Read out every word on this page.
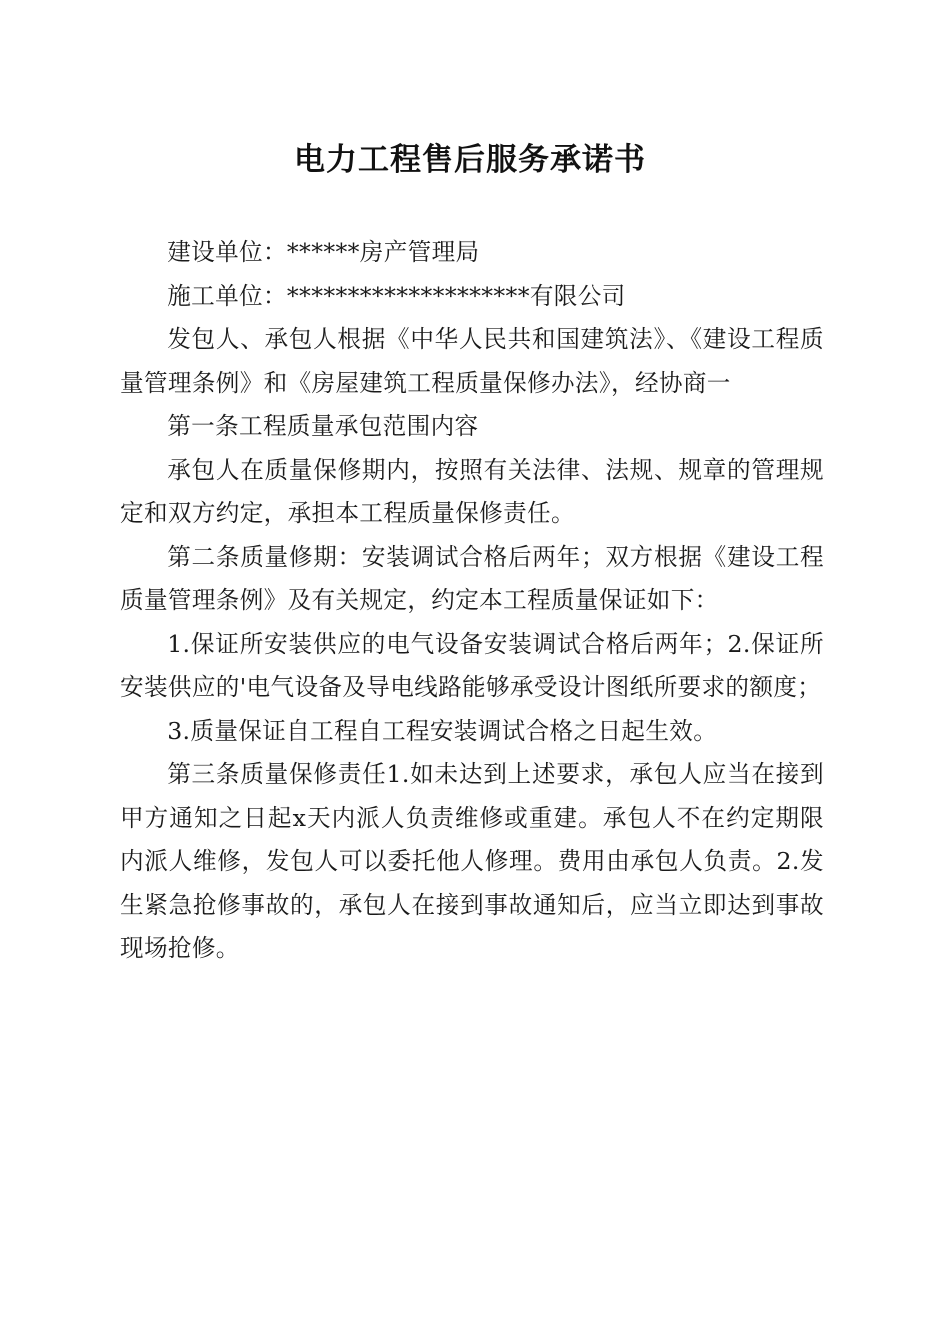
电力工程售后服务承诺书

建设单位：******房产管理局

施工单位：********************有限公司

发包人、承包人根据《中华人民共和国建筑法》、《建设工程质量管理条例》和《房屋建筑工程质量保修办法》，经协商一

第一条工程质量承包范围内容

承包人在质量保修期内，按照有关法律、法规、规章的管理规定和双方约定，承担本工程质量保修责任。

第二条质量修期：安装调试合格后两年；双方根据《建设工程质量管理条例》及有关规定，约定本工程质量保证如下：

1.保证所安装供应的电气设备安装调试合格后两年；2.保证所安装供应的'电气设备及导电线路能够承受设计图纸所要求的额度；

3.质量保证自工程自工程安装调试合格之日起生效。

第三条质量保修责任1.如未达到上述要求，承包人应当在接到甲方通知之日起x天内派人负责维修或重建。承包人不在约定期限内派人维修，发包人可以委托他人修理。费用由承包人负责。2.发生紧急抢修事故的，承包人在接到事故通知后，应当立即达到事故现场抢修。
